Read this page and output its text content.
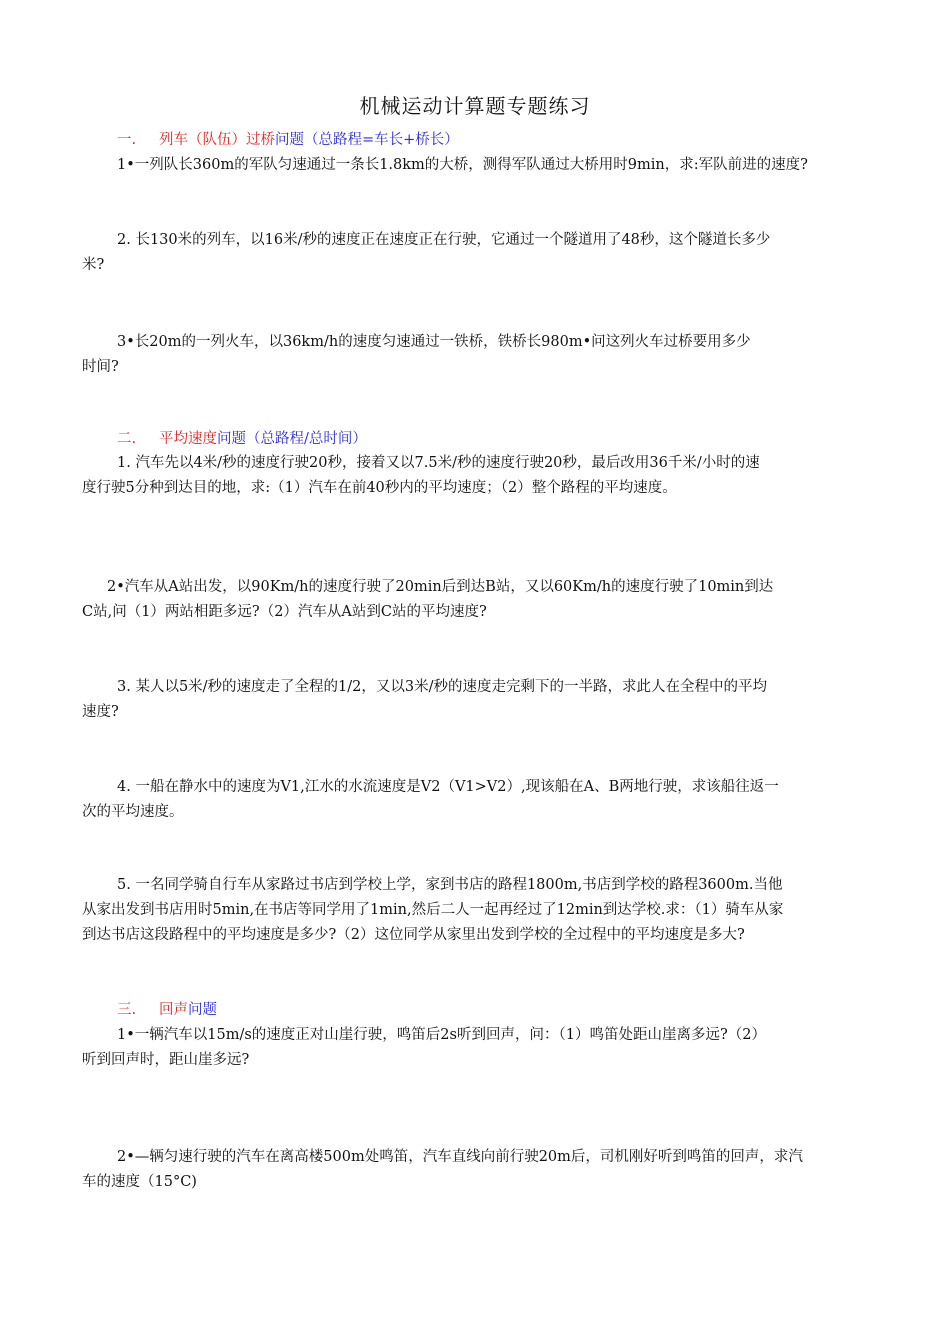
机械运动计算题专题练习
一. 列车（队伍）过桥问题（总路程=车长+桥长）
1•一列队长360m的军队匀速通过一条长1.8km的大桥，测得军队通过大桥用时9min，求:军队前进的速度?
2. 长130米的列车，以16米/秒的速度正在速度正在行驶，它通过一个隧道用了48秒，这个隧道长多少
米?
3•长20m的一列火车，以36km/h的速度匀速通过一铁桥，铁桥长980m•问这列火车过桥要用多少
时间?
二. 平均速度问题（总路程/总时间）
1. 汽车先以4米/秒的速度行驶20秒，接着又以7.5米/秒的速度行驶20秒，最后改用36千米/小时的速
度行驶5分种到达目的地，求:（1）汽车在前40秒内的平均速度；（2）整个路程的平均速度。
2•汽车从A站出发，以90Km/h的速度行驶了20min后到达B站，又以60Km/h的速度行驶了10min到达
C站,问（1）两站相距多远?（2）汽车从A站到C站的平均速度?
3. 某人以5米/秒的速度走了全程的1/2，又以3米/秒的速度走完剩下的一半路，求此人在全程中的平均
速度?
4. 一船在静水中的速度为V1,江水的水流速度是V2（V1>V2）,现该船在A、B两地行驶，求该船往返一
次的平均速度。
5. 一名同学骑自行车从家路过书店到学校上学，家到书店的路程1800m,书店到学校的路程3600m.当他
从家出发到书店用时5min,在书店等同学用了1min,然后二人一起再经过了12min到达学校.求：（1）骑车从家
到达书店这段路程中的平均速度是多少?（2）这位同学从家里出发到学校的全过程中的平均速度是多大?
三. 回声问题
1•一辆汽车以15m/s的速度正对山崖行驶，鸣笛后2s听到回声，问：（1）鸣笛处距山崖离多远?（2）
听到回声时，距山崖多远?
2•—辆匀速行驶的汽车在离高楼500m处鸣笛，汽车直线向前行驶20m后，司机刚好听到鸣笛的回声，求汽
车的速度（15°C)
